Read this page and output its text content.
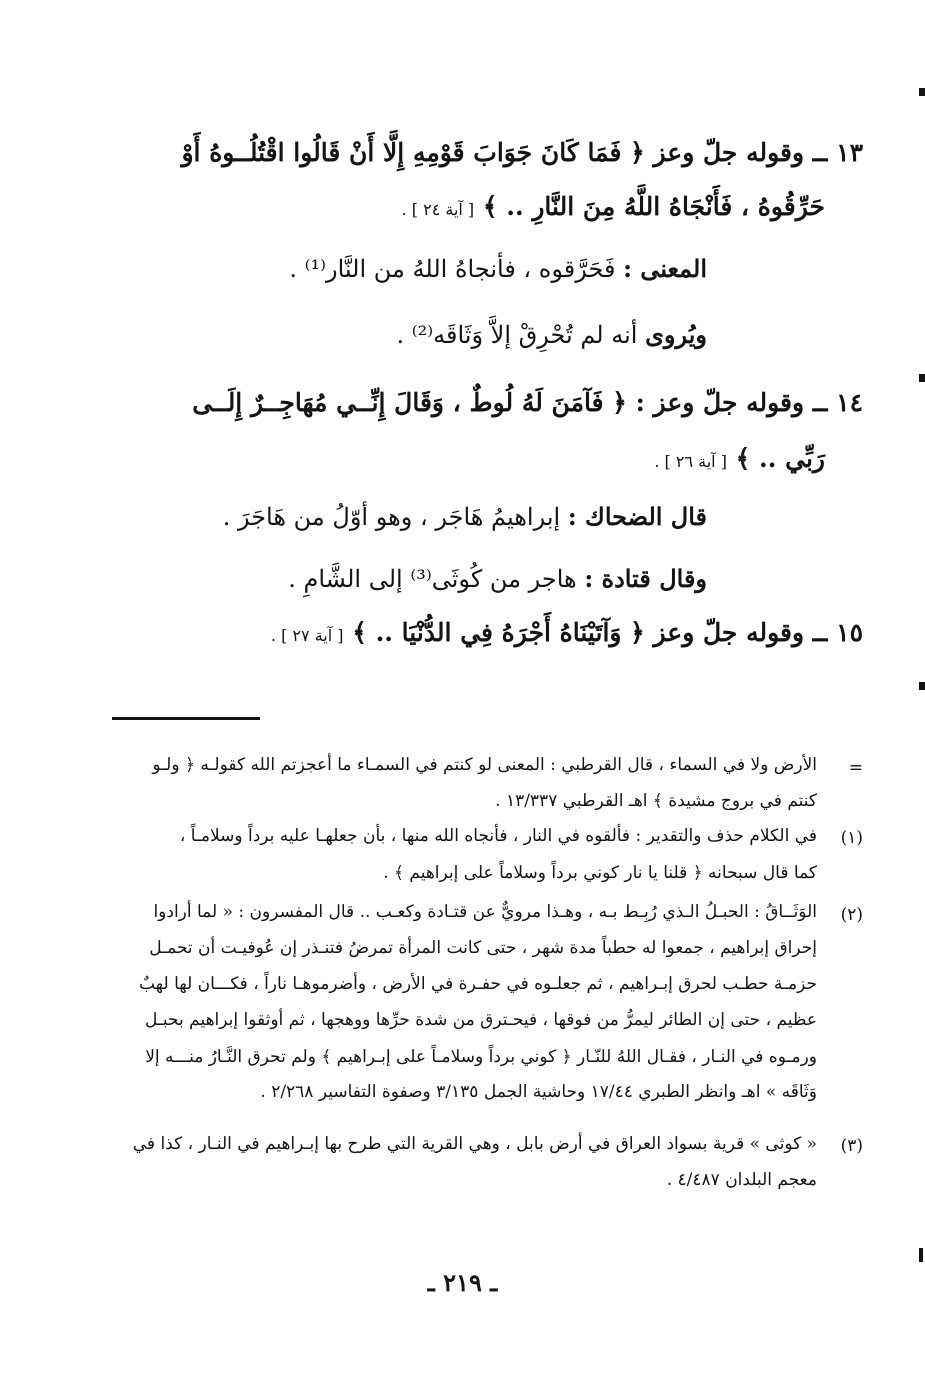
١٣ ــ وقوله جلّ وعز ﴿ فَمَا كَانَ جَوَابَ قَوْمِهِ إِلَّا أَنْ قَالُوا اقْتُلُــوهُ أَوْ
حَرِّقُوهُ ، فَأَنْجَاهُ اللَّهُ مِنَ النَّارِ .. ﴾ [ آية ٢٤ ] .
المعنى : فَحَرَّقوه ، فأنجاهُ اللهُ من النَّار⁽¹⁾ .
ويُروى أنه لم تُحْرِقْ إلاَّ وَثَاقَه⁽²⁾ .
١٤ ــ وقوله جلّ وعز : ﴿ فَآمَنَ لَهُ لُوطٌ ، وَقَالَ إِنِّــي مُهَاجِــرٌ إِلَــى
رَبِّي .. ﴾ [ آية ٢٦ ] .
قال الضحاك : إبراهيمُ هَاجَر ، وهو أوّلُ من هَاجَرَ .
وقال قتادة : هاجر من كُوثَى⁽³⁾ إلى الشَّامِ .
١٥ ــ وقوله جلّ وعز ﴿ وَآتَيْنَاهُ أَجْرَهُ فِي الدُّنْيَا .. ﴾ [ آية ٢٧ ] .
=
الأرض ولا في السماء ، قال القرطبي : المعنى لو كنتم في السمـاء ما أعجزتم الله كقولـه ﴿ ولـو
كنتم في بروج مشيدة ﴾ اهـ القرطبي ١٣/٣٣٧ .
(١)
في الكلام حذف والتقدير : فألقوه في النار ، فأنجاه الله منها ، بأن جعلهـا عليه برداً وسلامـاً ،
كما قال سبحانه ﴿ قلنا يا نار كوني برداً وسلاماً على إبراهيم ﴾ .
(٢)
الوَثَــاقُ : الحبـلُ الـذي رُبِـط بـه ، وهـذا مرويٌّ عن قتـادة وكعـب .. قال المفسرون : « لما أرادوا
إحراق إبراهيم ، جمعوا له حطباً مدة شهر ، حتى كانت المرأة تمرضُ فتنـذر إن عُوفيـت أن تحمـل
حزمـة حطـب لحرق إبـراهيم ، ثم جعلـوه في حفـرة في الأرض ، وأضرموهـا ناراً ، فكـــان لها لهبٌ
عظيم ، حتى إن الطائر ليمرُّ من فوقها ، فيحـترق من شدة حرِّها ووهجها ، ثم أوثقوا إبراهيم بحبـل
ورمـوه في النـار ، فقـال اللهُ للنّـار ﴿ كوني برداً وسلامـاً على إبـراهيم ﴾ ولم تحرق النَّـارُ منـــه إلا
وَثَاقَه » اهـ وانظر الطبري ١٧/٤٤ وحاشية الجمل ٣/١٣٥ وصفوة التفاسير ٢/٢٦٨ .
(٣)
« كوثى » قرية بسواد العراق في أرض بابل ، وهي القرية التي طرح بها إبـراهيم في النـار ، كذا في
معجم البلدان ٤/٤٨٧ .
ـ ٢١٩ ـ
